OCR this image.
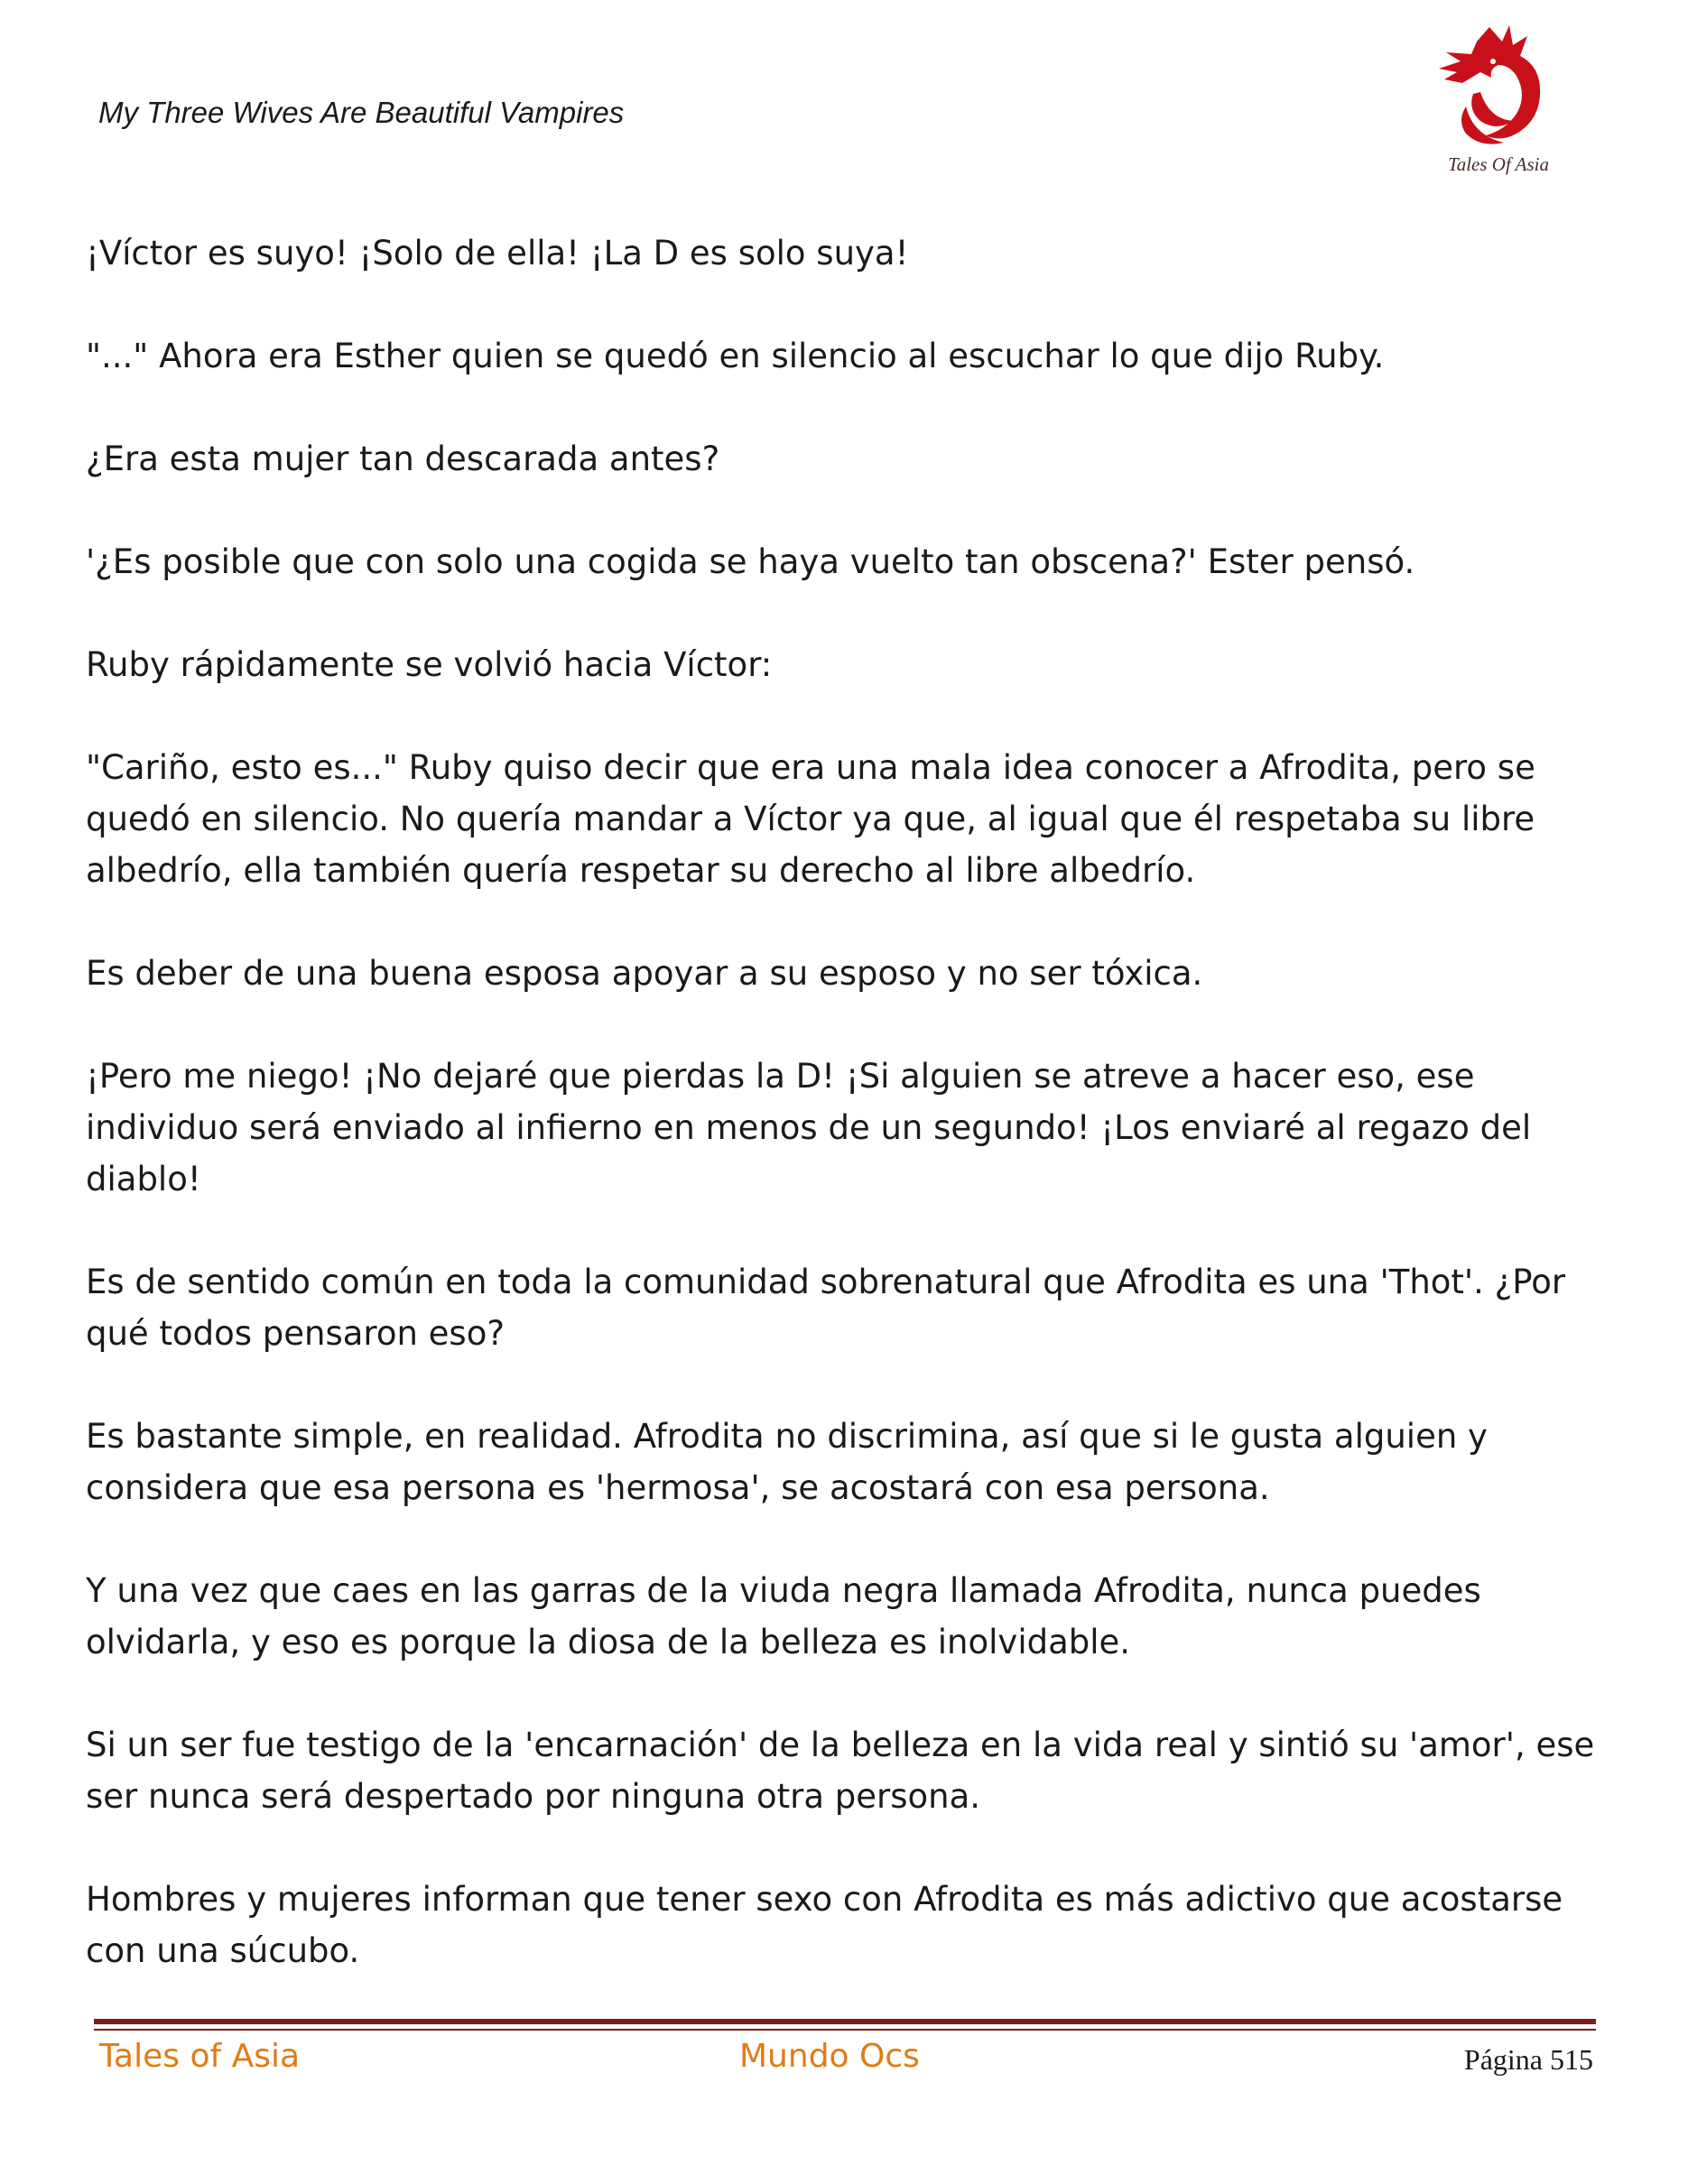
My Three Wives Are Beautiful Vampires
Tales Of Asia

¡Víctor es suyo! ¡Solo de ella! ¡La D es solo suya!

"..." Ahora era Esther quien se quedó en silencio al escuchar lo que dijo Ruby.

¿Era esta mujer tan descarada antes?

'¿Es posible que con solo una cogida se haya vuelto tan obscena?' Ester pensó.

Ruby rápidamente se volvió hacia Víctor:

"Cariño, esto es..." Ruby quiso decir que era una mala idea conocer a Afrodita, pero se
quedó en silencio. No quería mandar a Víctor ya que, al igual que él respetaba su libre
albedrío, ella también quería respetar su derecho al libre albedrío.

Es deber de una buena esposa apoyar a su esposo y no ser tóxica.

¡Pero me niego! ¡No dejaré que pierdas la D! ¡Si alguien se atreve a hacer eso, ese
individuo será enviado al infierno en menos de un segundo! ¡Los enviaré al regazo del
diablo!

Es de sentido común en toda la comunidad sobrenatural que Afrodita es una 'Thot'. ¿Por
qué todos pensaron eso?

Es bastante simple, en realidad. Afrodita no discrimina, así que si le gusta alguien y
considera que esa persona es 'hermosa', se acostará con esa persona.

Y una vez que caes en las garras de la viuda negra llamada Afrodita, nunca puedes
olvidarla, y eso es porque la diosa de la belleza es inolvidable.

Si un ser fue testigo de la 'encarnación' de la belleza en la vida real y sintió su 'amor', ese
ser nunca será despertado por ninguna otra persona.

Hombres y mujeres informan que tener sexo con Afrodita es más adictivo que acostarse
con una súcubo.

Tales of Asia	Mundo Ocs	Página 515
